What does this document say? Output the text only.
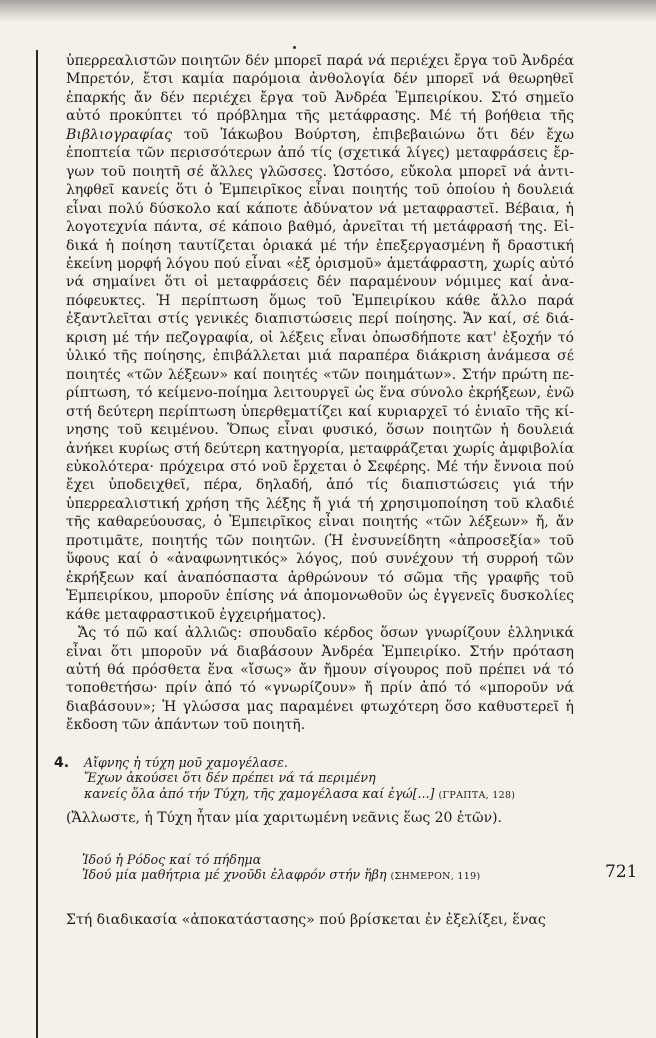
ὑπερρεαλιστῶν ποιητῶν δέν μπορεῖ παρά νά περιέχει ἔργα τοῦ Ἀνδρέα Μπρετόν, ἔτσι καμία παρόμοια ἀνθολογία δέν μπορεῖ νά θεωρηθεῖ ἐπαρκής ἄν δέν περιέχει ἔργα τοῦ Ἀνδρέα Ἐμπειρίκου. Στό σημεῖο αὐτό προκύπτει τό πρόβλημα τῆς μετάφρασης. Μέ τή βοήθεια τῆς Βιβλιογραφίας τοῦ Ἰάκωβου Βούρτση, ἐπιβεβαιώνω ὅτι δέν ἔχω ἐποπτεία τῶν περισσότερων ἀπό τίς (σχετικά λίγες) μεταφράσεις ἔργων τοῦ ποιητῆ σέ ἄλλες γλῶσσες. Ὡστόσο, εὔκολα μπορεῖ νά ἀντιληφθεῖ κανείς ὅτι ὁ Ἐμπειρῖκος εἶναι ποιητής τοῦ ὁποίου ἡ δουλειά εἶναι πολύ δύσκολο καί κάποτε ἀδύνατον νά μεταφραστεῖ. Βέβαια, ἡ λογοτεχνία πάντα, σέ κάποιο βαθμό, ἀρνεῖται τή μετάφρασή της. Εἰδικά ἡ ποίηση ταυτίζεται ὁριακά μέ τήν ἐπεξεργασμένη ἤ δραστική ἐκείνη μορφή λόγου πού εἶναι «ἐξ ὁρισμοῦ» ἀμετάφραστη, χωρίς αὐτό νά σημαίνει ὅτι οἱ μεταφράσεις δέν παραμένουν νόμιμες καί ἀναπόφευκτες. Ἡ περίπτωση ὅμως τοῦ Ἐμπειρίκου κάθε ἄλλο παρά ἐξαντλεῖται στίς γενικές διαπιστώσεις περί ποίησης. Ἄν καί, σέ διάκριση μέ τήν πεζογραφία, οἱ λέξεις εἶναι ὁπωσδήποτε κατ' ἐξοχήν τό ὑλικό τῆς ποίησης, ἐπιβάλλεται μιά παραπέρα διάκριση ἀνάμεσα σέ ποιητές «τῶν λέξεων» καί ποιητές «τῶν ποιημάτων». Στήν πρώτη περίπτωση, τό κείμενο-ποίημα λειτουργεῖ ὡς ἕνα σύνολο ἐκρήξεων, ἐνῶ στή δεύτερη περίπτωση ὑπερθεματίζει καί κυριαρχεῖ τό ἑνιαῖο τῆς κίνησης τοῦ κειμένου. Ὅπως εἶναι φυσικό, ὅσων ποιητῶν ἡ δουλειά ἀνήκει κυρίως στή δεύτερη κατηγορία, μεταφράζεται χωρίς ἀμφιβολία εὐκολότερα· πρόχειρα στό νοῦ ἔρχεται ὁ Σεφέρης. Μέ τήν ἔννοια πού ἔχει ὑποδειχθεῖ, πέρα, δηλαδή, ἀπό τίς διαπιστώσεις γιά τήν ὑπερρεαλιστική χρήση τῆς λέξης ἤ γιά τή χρησιμοποίηση τοῦ κλαδιέ τῆς καθαρεύουσας, ὁ Ἐμπειρῖκος εἶναι ποιητής «τῶν λέξεων» ἤ, ἄν προτιμᾶτε, ποιητής τῶν ποιητῶν. (Ἡ ἐνσυνείδητη «ἀπροσεξία» τοῦ ὕφους καί ὁ «ἀναφωνητικός» λόγος, πού συνέχουν τή συρροή τῶν ἐκρήξεων καί ἀναπόσπαστα ἀρθρώνουν τό σῶμα τῆς γραφῆς τοῦ Ἐμπειρίκου, μποροῦν ἐπίσης νά ἀπομονωθοῦν ὡς ἐγγενεῖς δυσκολίες κάθε μεταφραστικοῦ ἐγχειρήματος).

Ἄς τό πῶ καί ἀλλιῶς: σπουδαῖο κέρδος ὅσων γνωρίζουν ἑλληνικά εἶναι ὅτι μποροῦν νά διαβάσουν Ἀνδρέα Ἐμπειρίκο. Στήν πρόταση αὐτή θά πρόσθετα ἕνα «ἴσως» ἄν ἤμουν σίγουρος ποῦ πρέπει νά τό τοποθετήσω· πρίν ἀπό τό «γνωρίζουν» ἤ πρίν ἀπό τό «μποροῦν νά διαβάσουν»; Ἡ γλώσσα μας παραμένει φτωχότερη ὅσο καθυστερεῖ ἡ ἔκδοση τῶν ἁπάντων τοῦ ποιητῆ.

4. Αἴφνης ἡ τύχη μοῦ χαμογέλασε.
Ἔχων ἀκούσει ὅτι δέν πρέπει νά τά περιμένη
κανείς ὅλα ἀπό τήν Τύχη, τῆς χαμογέλασα καί ἐγώ[...] (ΓΡΑΠΤΑ, 128)
(Ἄλλωστε, ἡ Τύχη ἦταν μία χαριτωμένη νεᾶνις ἕως 20 ἐτῶν).
Ἰδού ἡ Ρόδος καί τό πήδημα
Ἰδού μία μαθήτρια μέ χνοῦδι ἐλαφρόν στήν ἥβη (ΣΗΜΕΡΟΝ, 119)

Στή διαδικασία «ἀποκατάστασης» πού βρίσκεται ἐν ἐξελίξει, ἕνας

721
